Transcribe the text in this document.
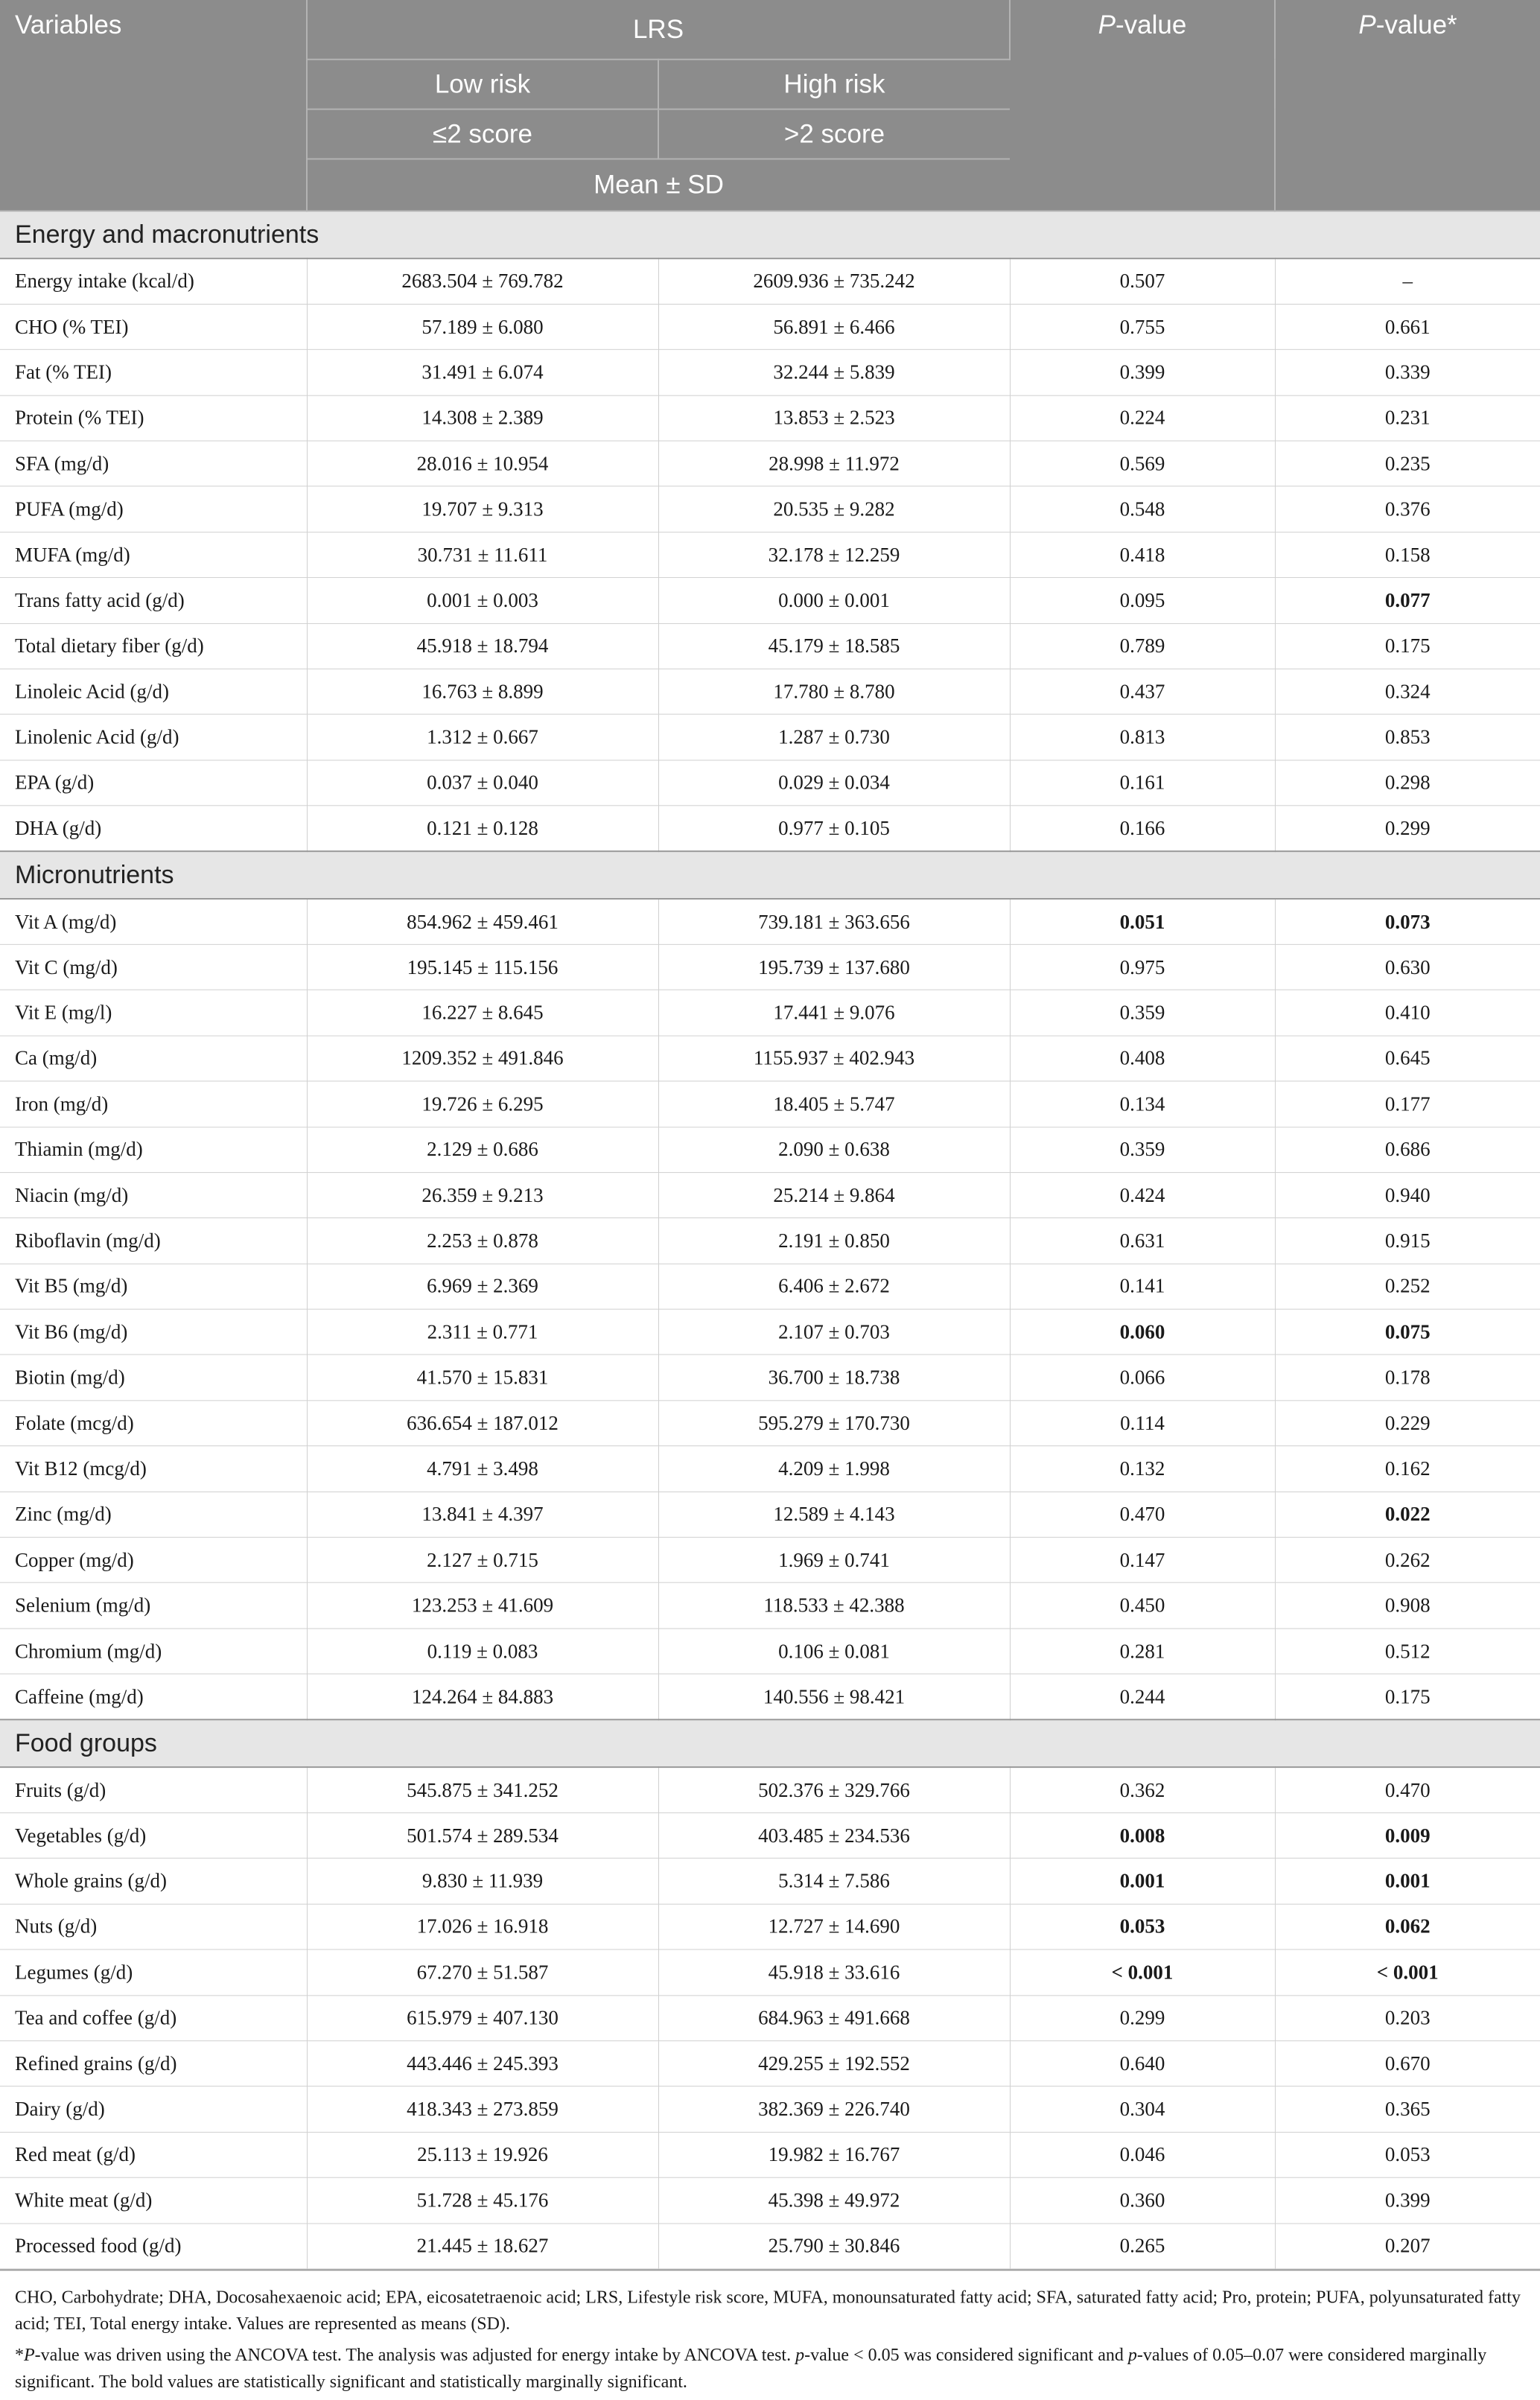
Variables	LRS		P-value	P-value*
	Low risk	High risk		
	≤2 score	>2 score		
	Mean ± SD			
Energy and macronutrients				
Energy intake (kcal/d)	2683.504 ± 769.782	2609.936 ± 735.242	0.507	–
CHO (% TEI)	57.189 ± 6.080	56.891 ± 6.466	0.755	0.661
Fat (% TEI)	31.491 ± 6.074	32.244 ± 5.839	0.399	0.339
Protein (% TEI)	14.308 ± 2.389	13.853 ± 2.523	0.224	0.231
SFA (mg/d)	28.016 ± 10.954	28.998 ± 11.972	0.569	0.235
PUFA (mg/d)	19.707 ± 9.313	20.535 ± 9.282	0.548	0.376
MUFA (mg/d)	30.731 ± 11.611	32.178 ± 12.259	0.418	0.158
Trans fatty acid (g/d)	0.001 ± 0.003	0.000 ± 0.001	0.095	0.077
Total dietary fiber (g/d)	45.918 ± 18.794	45.179 ± 18.585	0.789	0.175
Linoleic Acid (g/d)	16.763 ± 8.899	17.780 ± 8.780	0.437	0.324
Linolenic Acid (g/d)	1.312 ± 0.667	1.287 ± 0.730	0.813	0.853
EPA (g/d)	0.037 ± 0.040	0.029 ± 0.034	0.161	0.298
DHA (g/d)	0.121 ± 0.128	0.977 ± 0.105	0.166	0.299
Micronutrients				
Vit A (mg/d)	854.962 ± 459.461	739.181 ± 363.656	0.051	0.073
Vit C (mg/d)	195.145 ± 115.156	195.739 ± 137.680	0.975	0.630
Vit E (mg/l)	16.227 ± 8.645	17.441 ± 9.076	0.359	0.410
Ca (mg/d)	1209.352 ± 491.846	1155.937 ± 402.943	0.408	0.645
Iron (mg/d)	19.726 ± 6.295	18.405 ± 5.747	0.134	0.177
Thiamin (mg/d)	2.129 ± 0.686	2.090 ± 0.638	0.359	0.686
Niacin (mg/d)	26.359 ± 9.213	25.214 ± 9.864	0.424	0.940
Riboflavin (mg/d)	2.253 ± 0.878	2.191 ± 0.850	0.631	0.915
Vit B5 (mg/d)	6.969 ± 2.369	6.406 ± 2.672	0.141	0.252
Vit B6 (mg/d)	2.311 ± 0.771	2.107 ± 0.703	0.060	0.075
Biotin (mg/d)	41.570 ± 15.831	36.700 ± 18.738	0.066	0.178
Folate (mcg/d)	636.654 ± 187.012	595.279 ± 170.730	0.114	0.229
Vit B12 (mcg/d)	4.791 ± 3.498	4.209 ± 1.998	0.132	0.162
Zinc (mg/d)	13.841 ± 4.397	12.589 ± 4.143	0.470	0.022
Copper (mg/d)	2.127 ± 0.715	1.969 ± 0.741	0.147	0.262
Selenium (mg/d)	123.253 ± 41.609	118.533 ± 42.388	0.450	0.908
Chromium (mg/d)	0.119 ± 0.083	0.106 ± 0.081	0.281	0.512
Caffeine (mg/d)	124.264 ± 84.883	140.556 ± 98.421	0.244	0.175
Food groups				
Fruits (g/d)	545.875 ± 341.252	502.376 ± 329.766	0.362	0.470
Vegetables (g/d)	501.574 ± 289.534	403.485 ± 234.536	0.008	0.009
Whole grains (g/d)	9.830 ± 11.939	5.314 ± 7.586	0.001	0.001
Nuts (g/d)	17.026 ± 16.918	12.727 ± 14.690	0.053	0.062
Legumes (g/d)	67.270 ± 51.587	45.918 ± 33.616	< 0.001	< 0.001
Tea and coffee (g/d)	615.979 ± 407.130	684.963 ± 491.668	0.299	0.203
Refined grains (g/d)	443.446 ± 245.393	429.255 ± 192.552	0.640	0.670
Dairy (g/d)	418.343 ± 273.859	382.369 ± 226.740	0.304	0.365
Red meat (g/d)	25.113 ± 19.926	19.982 ± 16.767	0.046	0.053
White meat (g/d)	51.728 ± 45.176	45.398 ± 49.972	0.360	0.399
Processed food (g/d)	21.445 ± 18.627	25.790 ± 30.846	0.265	0.207

CHO, Carbohydrate; DHA, Docosahexaenoic acid; EPA, eicosatetraenoic acid; LRS, Lifestyle risk score, MUFA, monounsaturated fatty acid; SFA, saturated fatty acid; Pro, protein; PUFA, polyunsaturated fatty acid; TEI, Total energy intake. Values are represented as means (SD).

*P-value was driven using the ANCOVA test. The analysis was adjusted for energy intake by ANCOVA test. p-value < 0.05 was considered significant and p-values of 0.05–0.07 were considered marginally significant. The bold values are statistically significant and statistically marginally significant.
